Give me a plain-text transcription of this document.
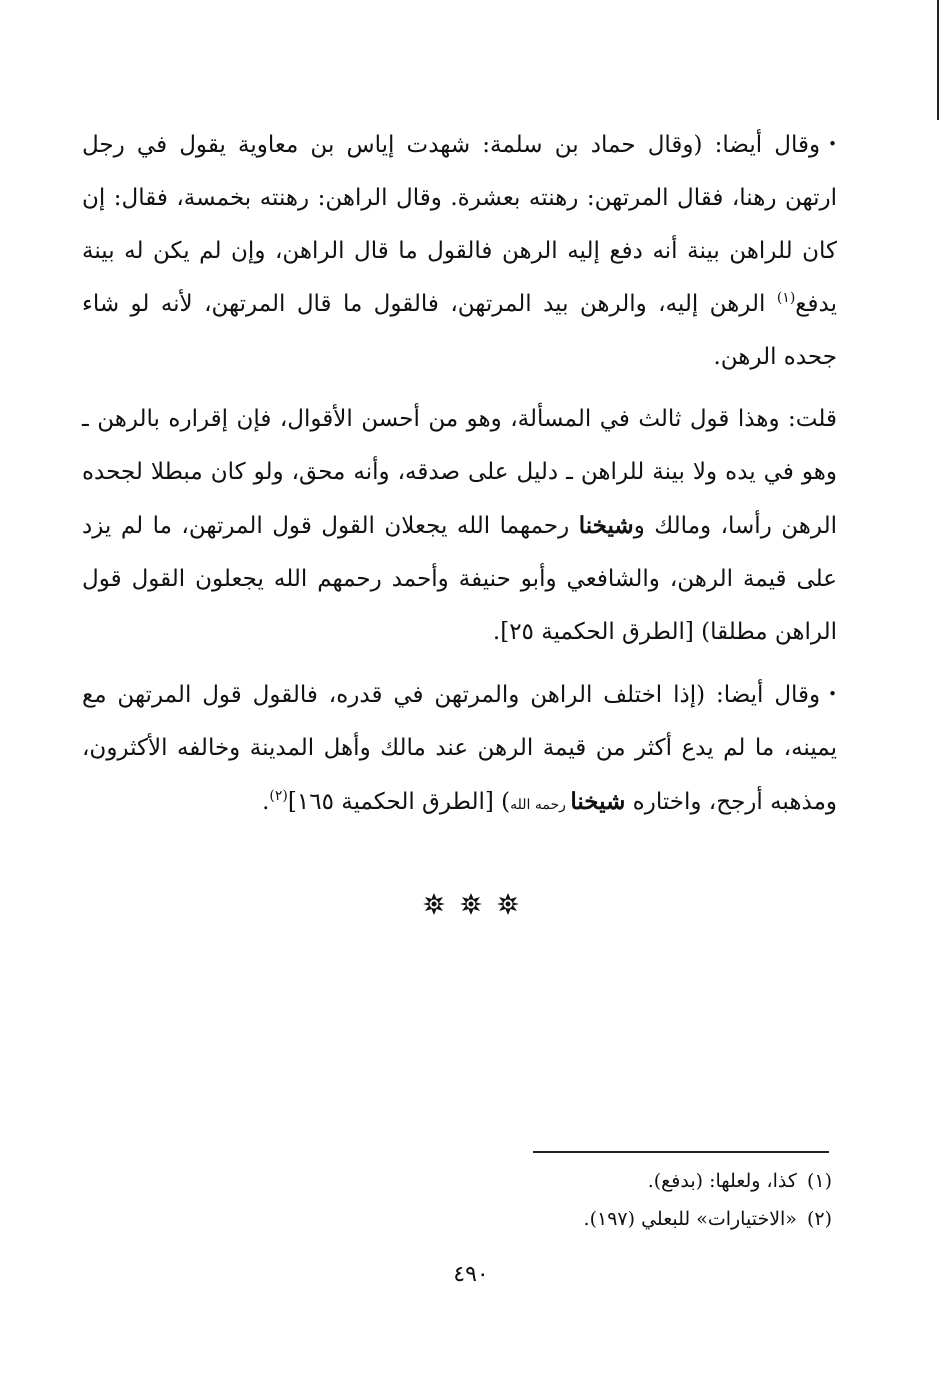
•وقال أيضا: (وقال حماد بن سلمة: شهدت إياس بن معاوية يقول في رجل ارتهن رهنا، فقال المرتهن: رهنته بعشرة. وقال الراهن: رهنته بخمسة، فقال: إن كان للراهن بينة أنه دفع إليه الرهن فالقول ما قال الراهن، وإن لم يكن له بينة يدفع$^{(١)}$ الرهن إليه، والرهن بيد المرتهن، فالقول ما قال المرتهن، لأنه لو شاء جحده الرهن.

قلت: وهذا قول ثالث في المسألة، وهو من أحسن الأقوال، فإن إقراره بالرهن ـ وهو في يده ولا بينة للراهن ـ دليل على صدقه، وأنه محق، ولو كان مبطلا لجحده الرهن رأسا، ومالك وشيخنا رحمهما الله يجعلان القول قول المرتهن، ما لم يزد على قيمة الرهن، والشافعي وأبو حنيفة وأحمد رحمهم الله يجعلون القول قول الراهن مطلقا) [الطرق الحكمية ٢٥].

•وقال أيضا: (إذا اختلف الراهن والمرتهن في قدره، فالقول قول المرتهن مع يمينه، ما لم يدع أكثر من قيمة الرهن عند مالك وأهل المدينة وخالفه الأكثرون، ومذهبه أرجح، واختاره شيخنا رحمه الله) [الطرق الحكمية ١٦٥]$^{(٢)}$.

(١)كذا، ولعلها: (بدفع).

(٢)«الاختيارات» للبعلي (١٩٧).

٤٩٠
